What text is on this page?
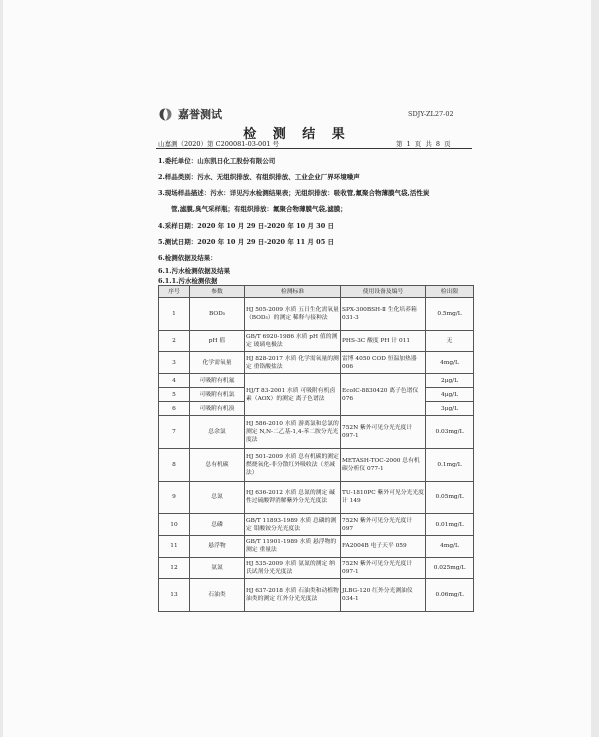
嘉誉测试	SDJY-ZL27-02
检 测 结 果
山嘉测（2020）第 C200081-03-001 号	第 1 页 共 8 页
1.委托单位：山东凯日化工股份有限公司
2.样品类别：污水、无组织排放、有组织排放、工业企业厂界环境噪声
3.现场样品描述：污水：详见污水检测结果表；无组织排放：吸收管,氟聚合物薄膜气袋,活性炭
管,滤膜,臭气采样瓶；有组织排放：氟聚合物薄膜气袋,滤膜；
4.采样日期：2020 年 10 月 29 日-2020 年 10 月 30 日
5.测试日期：2020 年 10 月 29 日-2020 年 11 月 05 日
6.检测依据及结果：
6.1.污水检测依据及结果
6.1.1.污水检测依据
序号	参数	检测标准	使用设备及编号	检出限
1	BOD₅	HJ 505-2009 水质 五日生化需氧量（BOD₅）的测定 稀释与接种法	SPX-300BSH-Ⅱ 生化培养箱 031-3	0.5mg/L
2	pH 值	GB/T 6920-1986 水质 pH 值的测定 玻璃电极法	PHS-3C 酸度 PH 计 011	无
3	化学需氧量	HJ 828-2017 水质 化学需氧量的测定 重铬酸盐法	雷博 4050 COD 恒温加热器 006	4mg/L
4	可吸附有机氟	HJ/T 83-2001 水质 可吸附有机卤素（AOX）的测定 离子色谱法	EcoIC-8830420 离子色谱仪 076	2μg/L
5	可吸附有机氯			4μg/L
6	可吸附有机溴			3μg/L
7	总余氯	HJ 586-2010 水质 游离氯和总氯的测定 N,N-二乙基-1,4-苯二胺分光光度法	752N 紫外可见分光光度计 097-1	0.03mg/L
8	总有机碳	HJ 501-2009 水质 总有机碳的测定 燃烧氧化-非分散红外吸收法（差减法）	METASH-TOC-2000 总有机碳分析仪 077-1	0.1mg/L
9	总氮	HJ 636-2012 水质 总氮的测定 碱性过硫酸钾消解紫外分光光度法	TU-1810PC 紫外可见分光光度计 149	0.05mg/L
10	总磷	GB/T 11893-1989 水质 总磷的测定 钼酸铵分光光度法	752N 紫外可见分光光度计 097	0.01mg/L
11	悬浮物	GB/T 11901-1989 水质 悬浮物的测定 重量法	FA2004B 电子天平 059	4mg/L
12	氨氮	HJ 535-2009 水质 氨氮的测定 纳氏试剂分光光度法	752N 紫外可见分光光度计 097-1	0.025mg/L
13	石油类	HJ 637-2018 水质 石油类和动植物油类的测定 红外分光光度法	JLBG-120 红外分光测油仪 034-1	0.06mg/L
